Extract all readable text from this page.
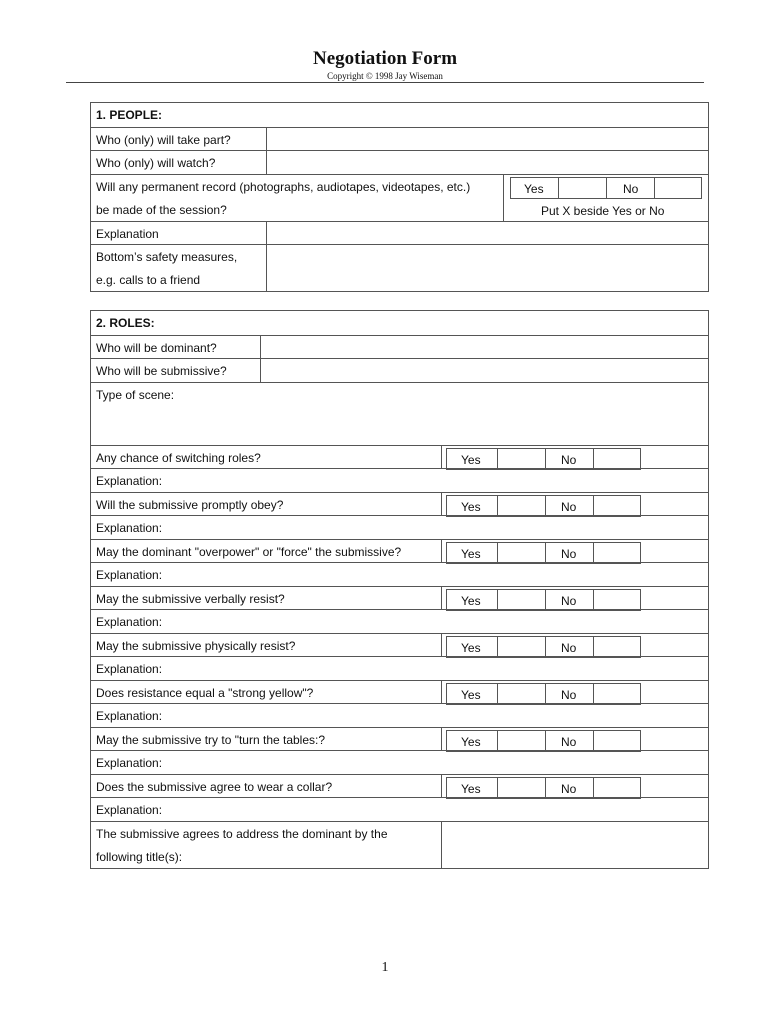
Negotiation Form
Copyright © 1998 Jay Wiseman
1. PEOPLE:
Who (only) will take part?
Who (only) will watch?
Will any permanent record (photographs, audiotapes, videotapes, etc.)
be made of the session?
Yes	No
Put X beside Yes or No
Explanation
Bottom’s safety measures,
e.g. calls to a friend
2. ROLES:
Who will be dominant?
Who will be submissive?
Type of scene:
Any chance of switching roles?	Yes	No
Explanation:
Will the submissive promptly obey?	Yes	No
Explanation:
May the dominant "overpower" or "force" the submissive?	Yes	No
Explanation:
May the submissive verbally resist?	Yes	No
Explanation:
May the submissive physically resist?	Yes	No
Explanation:
Does resistance equal a "strong yellow"?	Yes	No
Explanation:
May the submissive try to "turn the tables:?	Yes	No
Explanation:
Does the submissive agree to wear a collar?	Yes	No
Explanation:
The submissive agrees to address the dominant by the
following title(s):
1
